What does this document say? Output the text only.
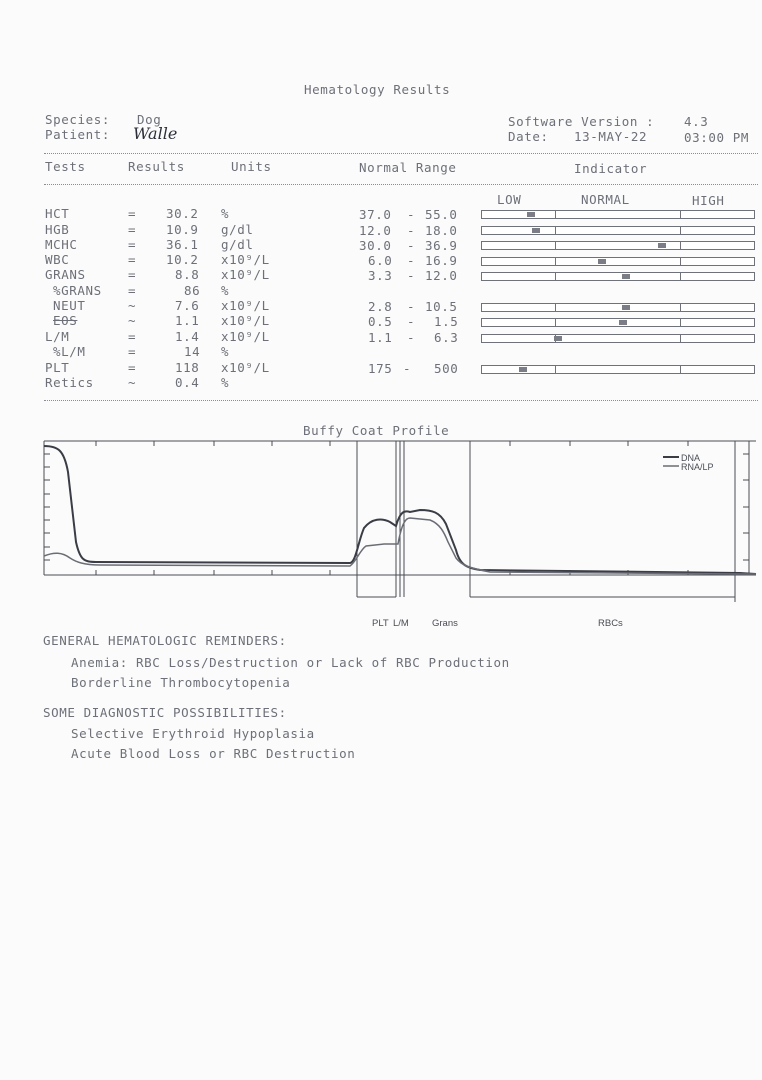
Hematology Results
Species: Dog
Patient: Walle
Software Version : 4.3
Date: 13-MAY-22	03:00 PM
Tests	Results	Units	Normal Range	Indicator
LOW	NORMAL	HIGH
HCT	= 30.2 %	37.0 - 55.0
HGB	= 10.9 g/dl	12.0 - 18.0
MCHC	= 36.1 g/dl	30.0 - 36.9
WBC	= 10.2 x10⁹/L	6.0 - 16.9
GRANS	=	8.8 x10⁹/L	3.3 - 12.0
%GRANS =	86 %
NEUT	~	7.6 x10⁹/L	2.8 - 10.5
EOS	~	1.1 x10⁹/L	0.5 - 1.5
L/M	=	1.4 x10⁹/L	1.1 - 6.3
%L/M	=	14 %
PLT	=	118 x10⁹/L	175 - 500
Retics	~	0.4 %
Buffy Coat Profile
DNA
RNA/LP
PLT L/M Grans	RBCs
GENERAL HEMATOLOGIC REMINDERS:
Anemia: RBC Loss/Destruction or Lack of RBC Production
Borderline Thrombocytopenia
SOME DIAGNOSTIC POSSIBILITIES:
Selective Erythroid Hypoplasia
Acute Blood Loss or RBC Destruction
